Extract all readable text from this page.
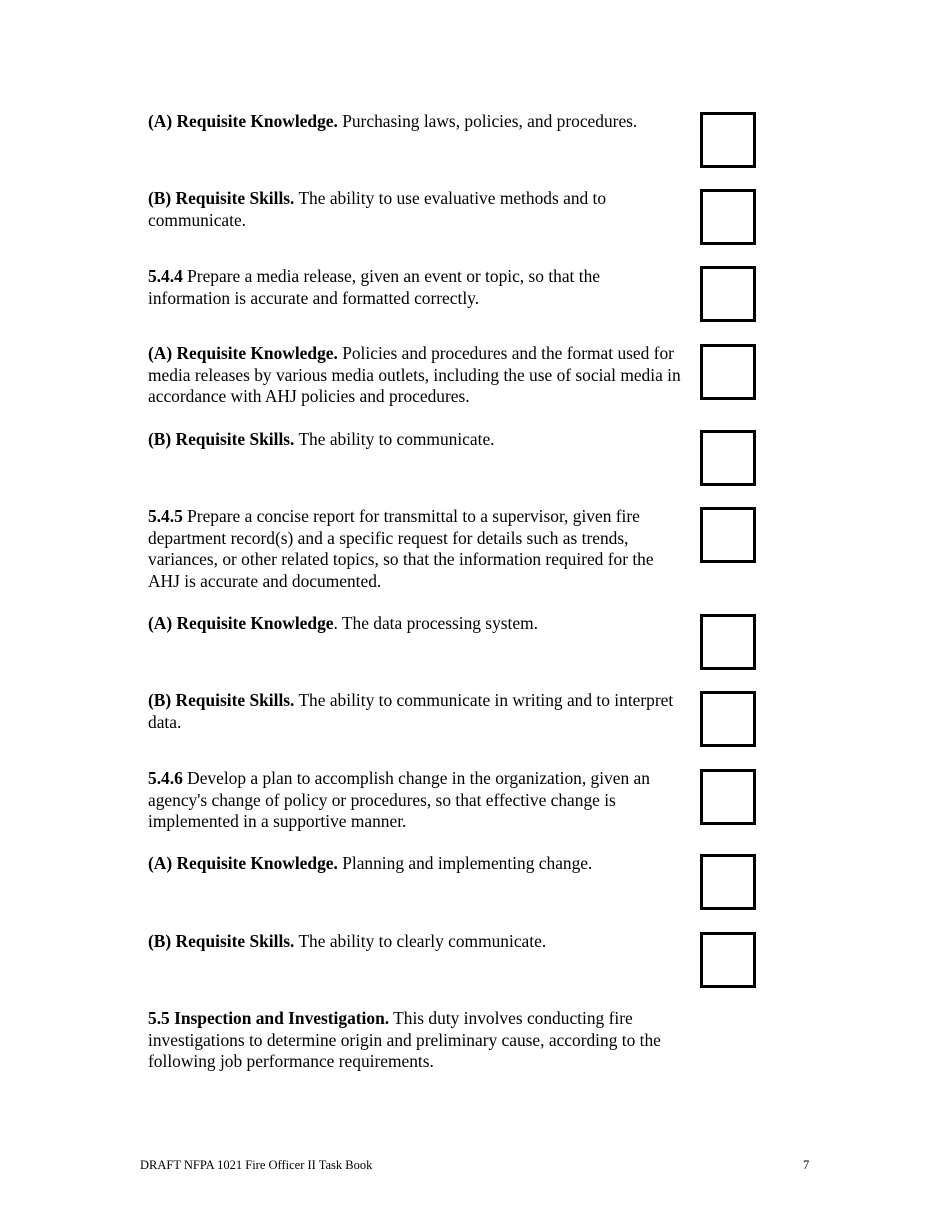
(A) Requisite Knowledge. Purchasing laws, policies, and procedures.

(B) Requisite Skills. The ability to use evaluative methods and to communicate.

5.4.4 Prepare a media release, given an event or topic, so that the information is accurate and formatted correctly.

(A) Requisite Knowledge. Policies and procedures and the format used for media releases by various media outlets, including the use of social media in accordance with AHJ policies and procedures.

(B) Requisite Skills. The ability to communicate.

5.4.5 Prepare a concise report for transmittal to a supervisor, given fire department record(s) and a specific request for details such as trends, variances, or other related topics, so that the information required for the AHJ is accurate and documented.

(A) Requisite Knowledge. The data processing system.

(B) Requisite Skills. The ability to communicate in writing and to interpret data.

5.4.6 Develop a plan to accomplish change in the organization, given an agency's change of policy or procedures, so that effective change is implemented in a supportive manner.

(A) Requisite Knowledge. Planning and implementing change.

(B) Requisite Skills. The ability to clearly communicate.

5.5 Inspection and Investigation. This duty involves conducting fire investigations to determine origin and preliminary cause, according to the following job performance requirements.

DRAFT NFPA 1021 Fire Officer II Task Book	7
